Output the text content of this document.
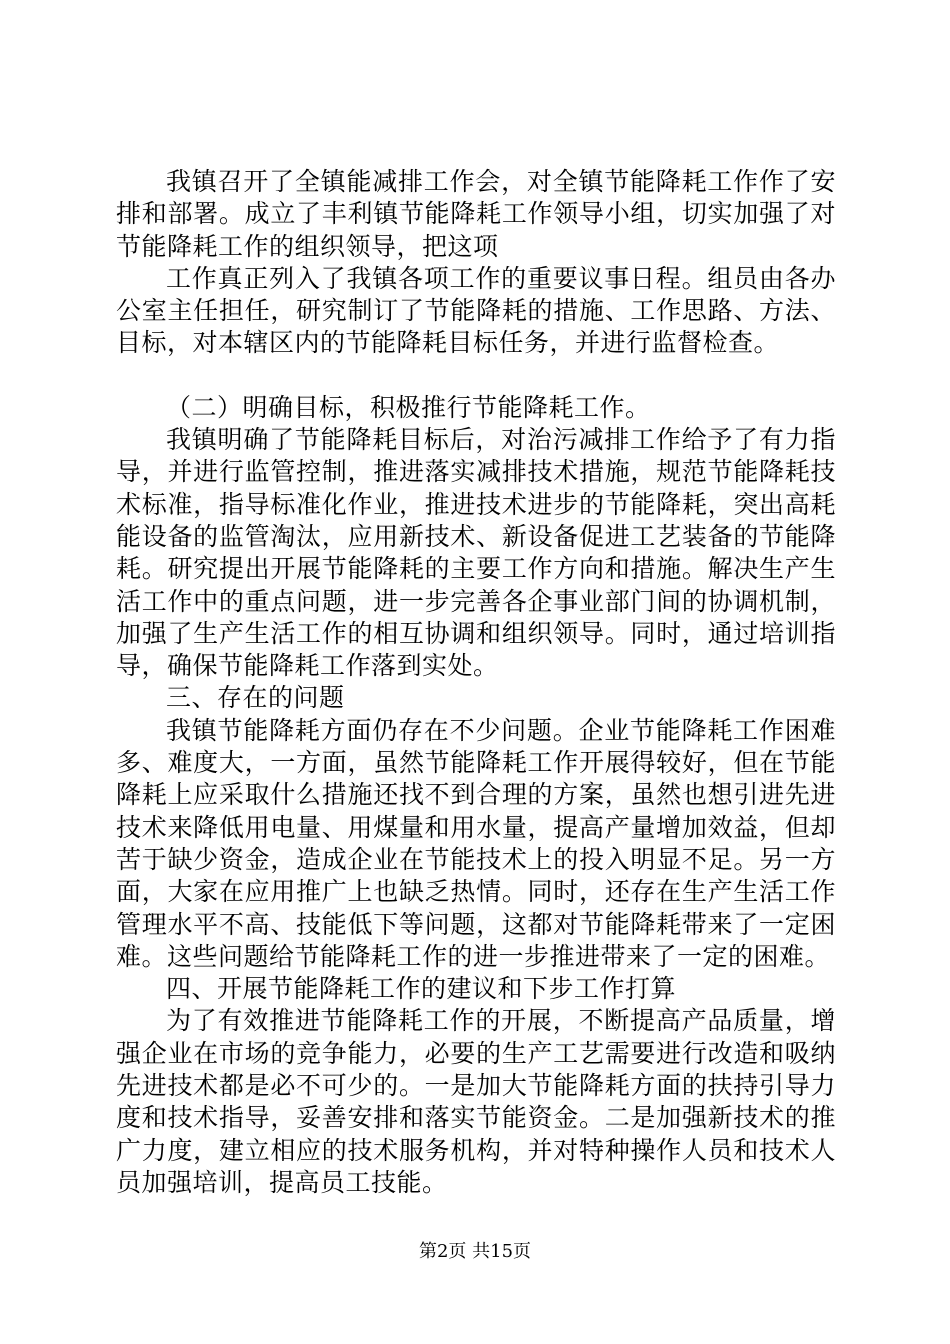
我镇召开了全镇能减排工作会，对全镇节能降耗工作作了安排和部署。成立了丰利镇节能降耗工作领导小组，切实加强了对节能降耗工作的组织领导，把这项

工作真正列入了我镇各项工作的重要议事日程。组员由各办公室主任担任，研究制订了节能降耗的措施、工作思路、方法、目标，对本辖区内的节能降耗目标任务，并进行监督检查。

（二）明确目标，积极推行节能降耗工作。

我镇明确了节能降耗目标后，对治污减排工作给予了有力指导，并进行监管控制，推进落实减排技术措施，规范节能降耗技术标准，指导标准化作业，推进技术进步的节能降耗，突出高耗能设备的监管淘汰，应用新技术、新设备促进工艺装备的节能降耗。研究提出开展节能降耗的主要工作方向和措施。解决生产生活工作中的重点问题，进一步完善各企事业部门间的协调机制，加强了生产生活工作的相互协调和组织领导。同时，通过培训指导，确保节能降耗工作落到实处。

三、存在的问题

我镇节能降耗方面仍存在不少问题。企业节能降耗工作困难多、难度大，一方面，虽然节能降耗工作开展得较好，但在节能降耗上应采取什么措施还找不到合理的方案，虽然也想引进先进技术来降低用电量、用煤量和用水量，提高产量增加效益，但却苦于缺少资金，造成企业在节能技术上的投入明显不足。另一方面，大家在应用推广上也缺乏热情。同时，还存在生产生活工作管理水平不高、技能低下等问题，这都对节能降耗带来了一定困难。这些问题给节能降耗工作的进一步推进带来了一定的困难。

四、开展节能降耗工作的建议和下步工作打算

为了有效推进节能降耗工作的开展，不断提高产品质量，增强企业在市场的竞争能力，必要的生产工艺需要进行改造和吸纳先进技术都是必不可少的。一是加大节能降耗方面的扶持引导力度和技术指导，妥善安排和落实节能资金。二是加强新技术的推广力度，建立相应的技术服务机构，并对特种操作人员和技术人员加强培训，提高员工技能。

第2页 共15页
